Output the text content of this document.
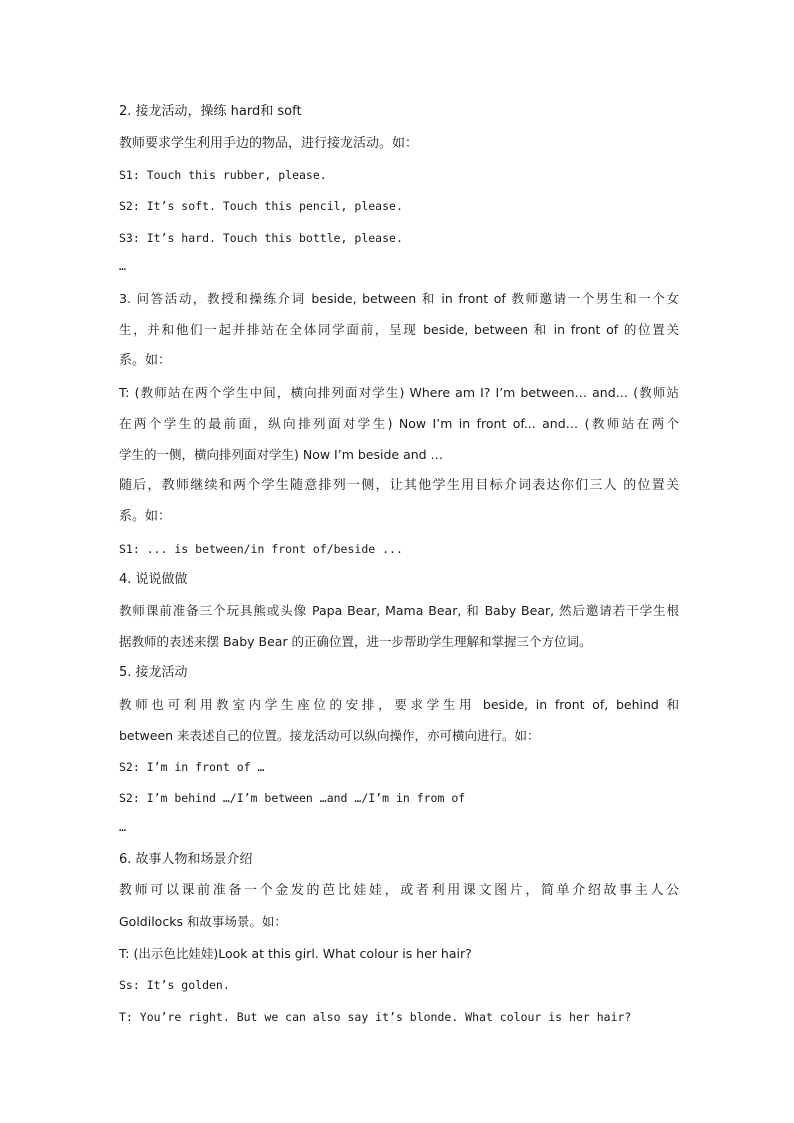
2. 接龙活动，操练 hard和 soft
教师要求学生利用手边的物品，进行接龙活动。如：
S1: Touch this rubber, please.
S2: It’s soft. Touch this pencil, please.
S3: It’s hard. Touch this bottle, please.
…
3. 问答活动，教授和操练介词 beside, between 和 in front of 教师邀请一个男生和一个女
生，并和他们一起并排站在全体同学面前，呈现 beside, between 和 in front of 的位置关
系。如：
T: (教师站在两个学生中间，横向排列面对学生) Where am I? I’m between… and… (教师站
在两个学生的最前面，纵向排列面对学生) Now I’m in front of... and… (教师站在两个
学生的一侧，横向排列面对学生) Now I’m beside and …
随后，教师继续和两个学生随意排列一侧，让其他学生用目标介词表达你们三人 的位置关
系。如：
S1: ... is between/in front of/beside ...
4. 说说做做
教师课前准备三个玩具熊或头像 Papa Bear, Mama Bear, 和 Baby Bear, 然后邀请若干学生根
据教师的表述来摆 Baby Bear 的正确位置，进一步帮助学生理解和掌握三个方位词。
5. 接龙活动
教师也可利用教室内学生座位的安排，要求学生用 beside, in front of, behind 和
between 来表述自己的位置。接龙活动可以纵向操作，亦可横向进行。如：
S2: I’m in front of …
S2: I’m behind …/I’m between …and …/I’m in from of
…
6. 故事人物和场景介绍
教师可以课前准备一个金发的芭比娃娃，或者利用课文图片，简单介绍故事主人公
Goldilocks 和故事场景。如：
T: (出示色比娃娃)Look at this girl. What colour is her hair?
Ss: It’s golden.
T: You’re right. But we can also say it’s blonde. What colour is her hair?
